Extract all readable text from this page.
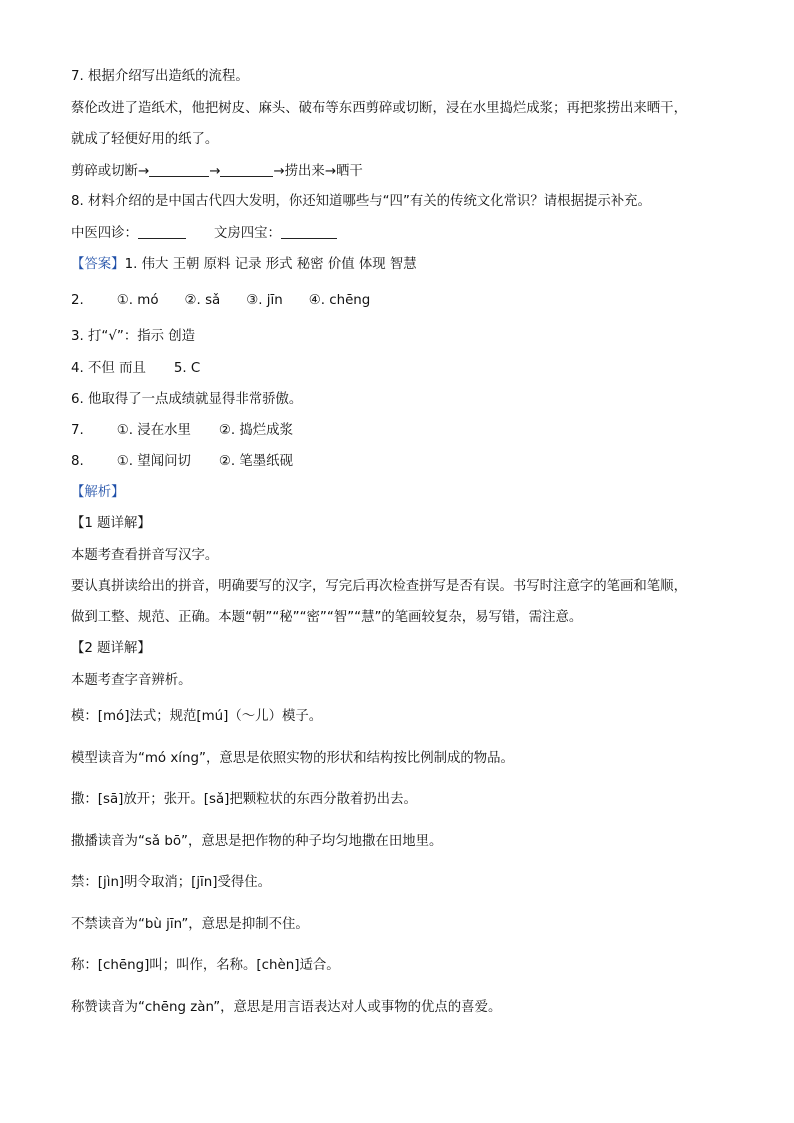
7. 根据介绍写出造纸的流程。
蔡伦改进了造纸术，他把树皮、麻头、破布等东西剪碎或切断，浸在水里捣烂成浆；再把浆捞出来晒干，
就成了轻便好用的纸了。
剪碎或切断→	→	→捞出来→晒干
8. 材料介绍的是中国古代四大发明，你还知道哪些与“四”有关的传统文化常识？请根据提示补充。
中医四诊：	文房四宝：
【答案】1. 伟大 王朝 原料 记录 形式 秘密 价值 体现 智慧
2. ①. mó ②. sǎ ③. jīn ④. chēng
3. 打“√”：指示 创造
4. 不但 而且 5. C
6. 他取得了一点成绩就显得非常骄傲。
7. ①. 浸在水里 ②. 捣烂成浆
8. ①. 望闻问切 ②. 笔墨纸砚
【解析】
【1 题详解】
本题考查看拼音写汉字。
要认真拼读给出的拼音，明确要写的汉字，写完后再次检查拼写是否有误。书写时注意字的笔画和笔顺，
做到工整、规范、正确。本题“朝”“秘”“密”“智”“慧”的笔画较复杂，易写错，需注意。
【2 题详解】
本题考查字音辨析。
模：[mó]法式；规范[mú]（～儿）模子。
模型读音为“mó xíng”，意思是依照实物的形状和结构按比例制成的物品。
撒：[sā]放开；张开。[sǎ]把颗粒状的东西分散着扔出去。
撒播读音为“sǎ bō”，意思是把作物的种子均匀地撒在田地里。
禁：[jìn]明令取消；[jīn]受得住。
不禁读音为“bù jīn”，意思是抑制不住。
称：[chēng]叫；叫作，名称。[chèn]适合。
称赞读音为“chēng zàn”，意思是用言语表达对人或事物的优点的喜爱。
